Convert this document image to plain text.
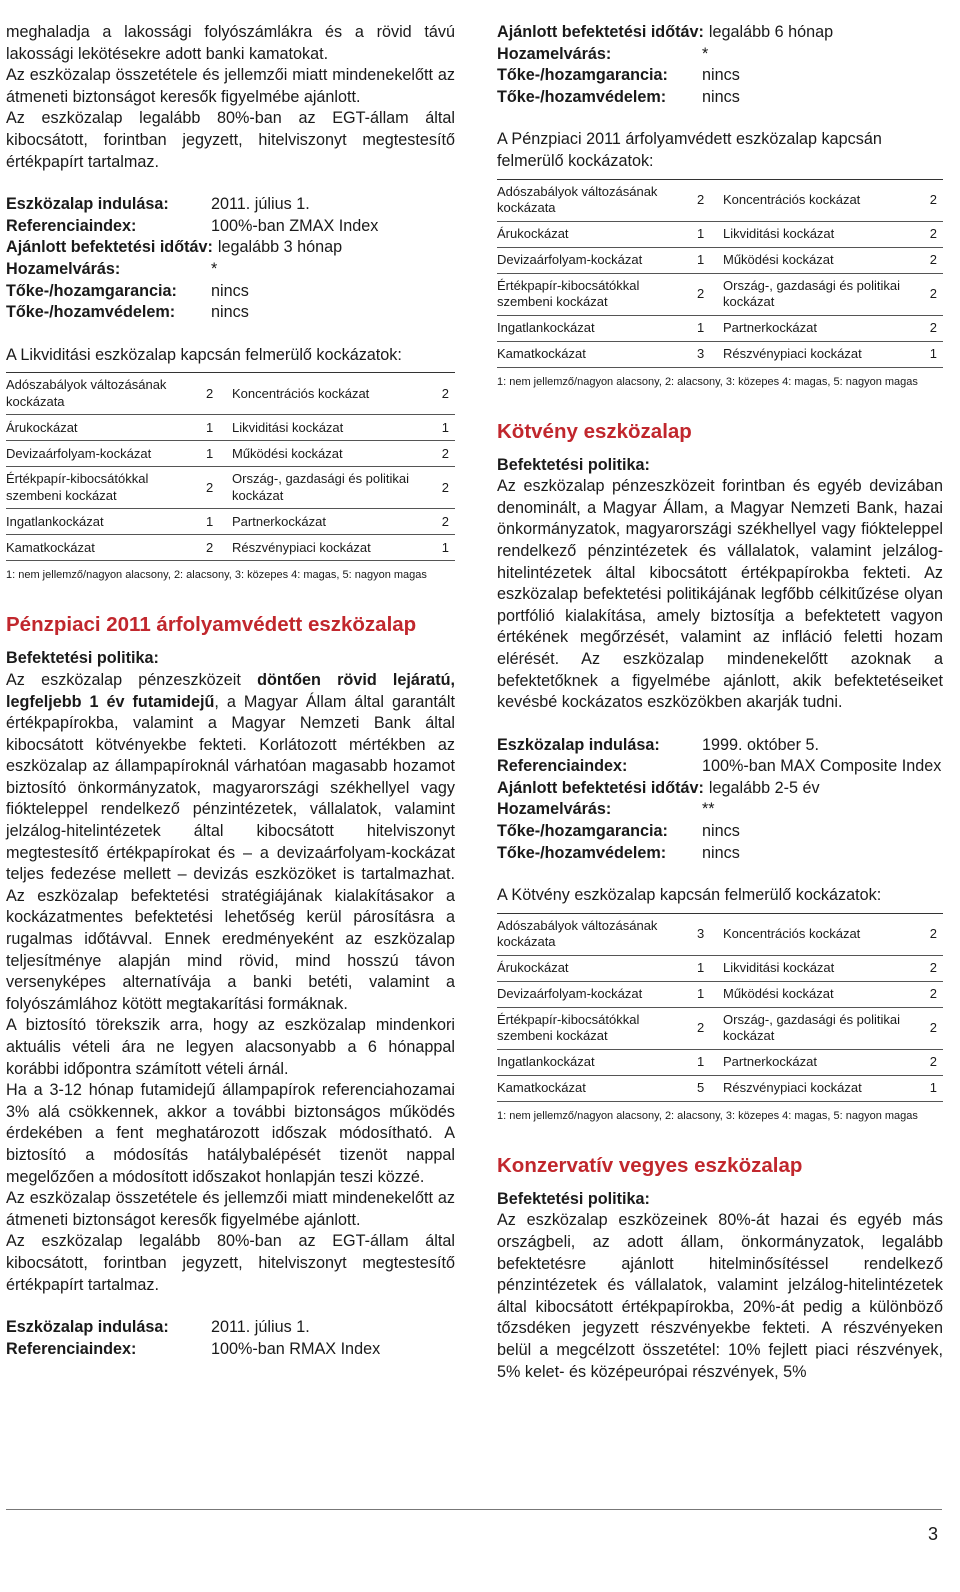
meghaladja a lakossági folyószámlákra és a rövid távú lakossági lekötésekre adott banki kamatokat.

Az eszközalap összetétele és jellemzői miatt mindenekelőtt az átmeneti biztonságot keresők figyelmébe ajánlott.

Az eszközalap legalább 80%-ban az EGT-állam által kibocsátott, forintban jegyzett, hitelviszonyt megtestesítő értékpapírt tartalmaz.

Eszközalap indulása:	2011. július 1.
Referenciaindex:	100%-ban ZMAX Index
Ajánlott befektetési időtáv: legalább 3 hónap
Hozamelvárás:	*
Tőke-/hozamgarancia:	nincs
Tőke-/hozamvédelem:	nincs

A Likviditási eszközalap kapcsán felmerülő kockázatok:

Adószabályok változásának kockázata	2	Koncentrációs kockázat	2
Árukockázat	1	Likviditási kockázat	1
Devizaárfolyam-kockázat	1	Működési kockázat	2
Értékpapír-kibocsátókkal szembeni kockázat	2	Ország-, gazdasági és politikai kockázat	2
Ingatlankockázat	1	Partnerkockázat	2
Kamatkockázat	2	Részvénypiaci kockázat	1
1: nem jellemző/nagyon alacsony, 2: alacsony, 3: közepes 4: magas, 5: nagyon magas
Pénzpiaci 2011 árfolyamvédett eszközalap

Befektetési politika:

Az eszközalap pénzeszközeit döntően rövid lejáratú, legfeljebb 1 év futamidejű, a Magyar Állam által garantált értékpapírokba, valamint a Magyar Nemzeti Bank által kibocsátott kötvényekbe fekteti. Korlátozott mértékben az eszközalap az állampapíroknál várhatóan magasabb hozamot biztosító önkormányzatok, magyarországi székhellyel vagy fiókteleppel rendelkező pénzintézetek, vállalatok, valamint jelzálog-hitelintézetek által kibocsátott hitelviszonyt megtestesítő értékpapírokat és – a devizaárfolyam-kockázat teljes fedezése mellett – devizás eszközöket is tartalmazhat. Az eszközalap befektetési stratégiájának kialakításakor a kockázatmentes befektetési lehetőség kerül párosításra a rugalmas időtávval. Ennek eredményeként az eszközalap teljesítménye alapján mind rövid, mind hosszú távon versenyképes alternatívája a banki betéti, valamint a folyószámlához kötött megtakarítási formáknak.

A biztosító törekszik arra, hogy az eszközalap mindenkori aktuális vételi ára ne legyen alacsonyabb a 6 hónappal korábbi időpontra számított vételi árnál.

Ha a 3-12 hónap futamidejű állampapírok referenciahozamai 3% alá csökkennek, akkor a további biztonságos működés érdekében a fent meghatározott időszak módosítható. A biztosító a módosítás hatálybalépését tizenöt nappal megelőzően a módosított időszakot honlapján teszi közzé.

Az eszközalap összetétele és jellemzői miatt mindenekelőtt az átmeneti biztonságot keresők figyelmébe ajánlott.

Az eszközalap legalább 80%-ban az EGT-állam által kibocsátott, forintban jegyzett, hitelviszonyt megtestesítő értékpapírt tartalmaz.

Eszközalap indulása:	2011. július 1.
Referenciaindex:	100%-ban RMAX Index
Ajánlott befektetési időtáv: legalább 6 hónap
Hozamelvárás:	*
Tőke-/hozamgarancia:	nincs
Tőke-/hozamvédelem:	nincs

A Pénzpiaci 2011 árfolyamvédett eszközalap kapcsán felmerülő kockázatok:

Adószabályok változásának kockázata	2	Koncentrációs kockázat	2
Árukockázat	1	Likviditási kockázat	2
Devizaárfolyam-kockázat	1	Működési kockázat	2
Értékpapír-kibocsátókkal szembeni kockázat	2	Ország-, gazdasági és politikai kockázat	2
Ingatlankockázat	1	Partnerkockázat	2
Kamatkockázat	3	Részvénypiaci kockázat	1
1: nem jellemző/nagyon alacsony, 2: alacsony, 3: közepes 4: magas, 5: nagyon magas
Kötvény eszközalap

Befektetési politika:

Az eszközalap pénzeszközeit forintban és egyéb devizában denominált, a Magyar Állam, a Magyar Nemzeti Bank, hazai önkormányzatok, magyarországi székhellyel vagy fiókteleppel rendelkező pénzintézetek és vállalatok, valamint jelzálog-hitelintézetek által kibocsátott értékpapírokba fekteti. Az eszközalap befektetési politikájának legfőbb célkitűzése olyan portfólió kialakítása, amely biztosítja a befektetett vagyon értékének megőrzését, valamint az infláció feletti hozam elérését. Az eszközalap mindenekelőtt azoknak a befektetőknek a figyelmébe ajánlott, akik befektetéseiket kevésbé kockázatos eszközökben akarják tudni.

Eszközalap indulása:	1999. október 5.
Referenciaindex:	100%-ban MAX Composite Index
Ajánlott befektetési időtáv: legalább 2-5 év
Hozamelvárás:	**
Tőke-/hozamgarancia:	nincs
Tőke-/hozamvédelem:	nincs

A Kötvény eszközalap kapcsán felmerülő kockázatok:

Adószabályok változásának kockázata	3	Koncentrációs kockázat	2
Árukockázat	1	Likviditási kockázat	2
Devizaárfolyam-kockázat	1	Működési kockázat	2
Értékpapír-kibocsátókkal szembeni kockázat	2	Ország-, gazdasági és politikai kockázat	2
Ingatlankockázat	1	Partnerkockázat	2
Kamatkockázat	5	Részvénypiaci kockázat	1
1: nem jellemző/nagyon alacsony, 2: alacsony, 3: közepes 4: magas, 5: nagyon magas
Konzervatív vegyes eszközalap

Befektetési politika:

Az eszközalap eszközeinek 80%-át hazai és egyéb más országbeli, az adott állam, önkormányzatok, legalább befektetésre ajánlott hitelminősítéssel rendelkező pénzintézetek és vállalatok, valamint jelzálog-hitelintézetek által kibocsátott értékpapírokba, 20%-át pedig a különböző tőzsdéken jegyzett részvényekbe fekteti. A részvényeken belül a megcélzott összetétel: 10% fejlett piaci részvények, 5% kelet- és középeurópai részvények, 5%

3
